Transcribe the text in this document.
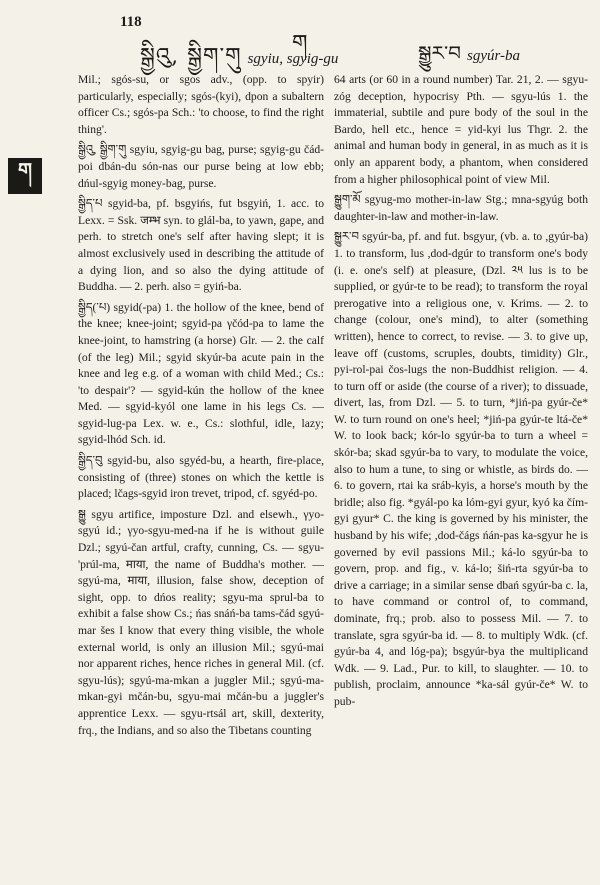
118
ག
སྒྱིའུ, སྒྱིག་གུ sgyiu, sgyig-gu	སྒྱུར་བ sgyúr-ba
ག

Mil.; sgós-su, or sgos adv., (opp. to spyir) particularly, especially; sgós-(kyi), dpon a subaltern officer Cs.; sgós-pa Sch.: 'to choose, to find the right thing'.

སྒྱིའུ, སྒྱིག་གུ sgyiu, sgyig-gu bag, purse; sgyig-gu čád-poi dbán-du són-nas our purse being at low ebb; dńul-sgyig money-bag, purse.

སྒྱིད་པ sgyid-ba, pf. bsgyińs, fut bsgyiń, 1. acc. to Lexx. = Ssk. जम्भ syn. to glál-ba, to yawn, gape, and perh. to stretch one's self after having slept; it is almost exclusively used in describing the attitude of a dying lion, and so also the dying attitude of Buddha. — 2. perh. also = gyiń-ba.

སྒྱིད(་པ) sgyid(-pa) 1. the hollow of the knee, bend of the knee; knee-joint; sgyid-pa γčód-pa to lame the knee-joint, to hamstring (a horse) Glr. — 2. the calf (of the leg) Mil.; sgyid skyúr-ba acute pain in the knee and leg e.g. of a woman with child Med.; Cs.: 'to despair'? — sgyid-kún the hollow of the knee Med. — sgyid-kyól one lame in his legs Cs. — sgyid-lug-pa Lex. w. e., Cs.: slothful, idle, lazy; sgyid-lhód Sch. id.

སྒྱིད་བུ sgyid-bu, also sgyéd-bu, a hearth, fire-place, consisting of (three) stones on which the kettle is placed; lčags-sgyid iron trevet, tripod, cf. sgyéd-po.

སྒྱུ sgyu artifice, imposture Dzl. and elsewh., γyo-sgyú id.; γyo-sgyu-med-na if he is without guile Dzl.; sgyú-čan artful, crafty, cunning, Cs. — sgyu-'prúl-ma, माया, the name of Buddha's mother. — sgyú-ma, माया, illusion, false show, deception of sight, opp. to dńos reality; sgyu-ma sprul-ba to exhibit a false show Cs.; ńas snáń-ba tams-čád sgyú-mar šes I know that every thing visible, the whole external world, is only an illusion Mil.; sgyú-mai nor apparent riches, hence riches in general Mil. (cf. sgyu-lús); sgyú-ma-mkan a juggler Mil.; sgyú-ma-mkan-gyi mčán-bu, sgyu-mai mčán-bu a juggler's apprentice Lexx. — sgyu-rtsál art, skill, dexterity, frq., the Indians, and so also the Tibetans counting

64 arts (or 60 in a round number) Tar. 21, 2. — sgyu-zóg deception, hypocrisy Pth. — sgyu-lús 1. the immaterial, subtile and pure body of the soul in the Bardo, hell etc., hence = yid-kyi lus Thgr. 2. the animal and human body in general, in as much as it is only an apparent body, a phantom, when considered from a higher philosophical point of view Mil.

སྒྱུག་མོ sgyug-mo mother-in-law Stg.; mna-sgyúg both daughter-in-law and mother-in-law.

སྒྱུར་བ sgyúr-ba, pf. and fut. bsgyur, (vb. a. to ,gyúr-ba) 1. to transform, lus ,dod-dgúr to transform one's body (i. e. one's self) at pleasure, (Dzl. ༢༥ lus is to be supplied, or gyúr-te to be read); to transform the royal prerogative into a religious one, v. Krims. — 2. to change (colour, one's mind), to alter (something written), hence to correct, to revise. — 3. to give up, leave off (customs, scruples, doubts, timidity) Glr., pyi-rol-pai čos-lugs the non-Buddhist religion. — 4. to turn off or aside (the course of a river); to dissuade, divert, las, from Dzl. — 5. to turn, *jiń-pa gyúr-če* W. to turn round on one's heel; *jiń-pa gyúr-te ltá-če* W. to look back; kór-lo sgyúr-ba to turn a wheel = skór-ba; skad sgyúr-ba to vary, to modulate the voice, also to hum a tune, to sing or whistle, as birds do. — 6. to govern, rtai ka sráb-kyis, a horse's mouth by the bridle; also fig. *gyál-po ka lóm-gyi gyur, kyó ka čím-gyi gyur* C. the king is governed by his minister, the husband by his wife; ,dod-čágs ńán-pas ka-sgyur he is governed by evil passions Mil.; ká-lo sgyúr-ba to govern, prop. and fig., v. ká-lo; šiń-rta sgyúr-ba to drive a carriage; in a similar sense dbań sgyúr-ba c. la, to have command or control of, to command, dominate, frq.; prob. also to possess Mil. — 7. to translate, sgra sgyúr-ba id. — 8. to multiply Wdk. (cf. gyúr-ba 4, and lóg-pa); bsgyúr-bya the multiplicand Wdk. — 9. Lad., Pur. to kill, to slaughter. — 10. to publish, proclaim, announce *ka-sál gyúr-če* W. to pub-
